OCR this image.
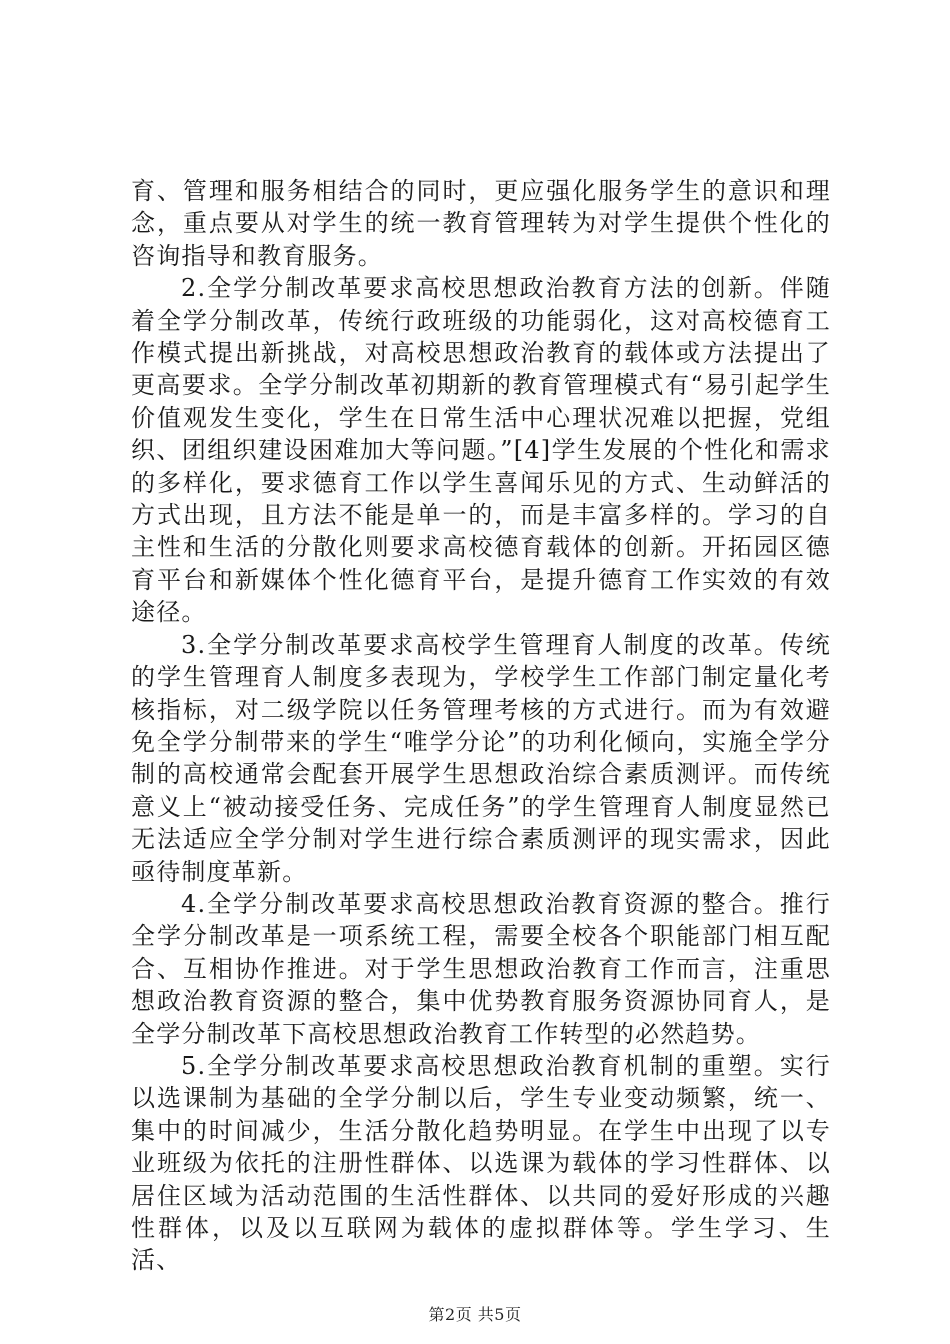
育、管理和服务相结合的同时，更应强化服务学生的意识和理念，重点要从对学生的统一教育管理转为对学生提供个性化的咨询指导和教育服务。

2.全学分制改革要求高校思想政治教育方法的创新。伴随着全学分制改革，传统行政班级的功能弱化，这对高校德育工作模式提出新挑战，对高校思想政治教育的载体或方法提出了更高要求。全学分制改革初期新的教育管理模式有“易引起学生价值观发生变化，学生在日常生活中心理状况难以把握，党组织、团组织建设困难加大等问题。”[4]学生发展的个性化和需求的多样化，要求德育工作以学生喜闻乐见的方式、生动鲜活的方式出现，且方法不能是单一的，而是丰富多样的。学习的自主性和生活的分散化则要求高校德育载体的创新。开拓园区德育平台和新媒体个性化德育平台，是提升德育工作实效的有效途径。

3.全学分制改革要求高校学生管理育人制度的改革。传统的学生管理育人制度多表现为，学校学生工作部门制定量化考核指标，对二级学院以任务管理考核的方式进行。而为有效避免全学分制带来的学生“唯学分论”的功利化倾向，实施全学分制的高校通常会配套开展学生思想政治综合素质测评。而传统意义上“被动接受任务、完成任务”的学生管理育人制度显然已无法适应全学分制对学生进行综合素质测评的现实需求，因此亟待制度革新。

4.全学分制改革要求高校思想政治教育资源的整合。推行全学分制改革是一项系统工程，需要全校各个职能部门相互配合、互相协作推进。对于学生思想政治教育工作而言，注重思想政治教育资源的整合，集中优势教育服务资源协同育人，是全学分制改革下高校思想政治教育工作转型的必然趋势。

5.全学分制改革要求高校思想政治教育机制的重塑。实行以选课制为基础的全学分制以后，学生专业变动频繁，统一、集中的时间减少，生活分散化趋势明显。在学生中出现了以专业班级为依托的注册性群体、以选课为载体的学习性群体、以居住区域为活动范围的生活性群体、以共同的爱好形成的兴趣性群体，以及以互联网为载体的虚拟群体等。学生学习、生活、

第2页 共5页
